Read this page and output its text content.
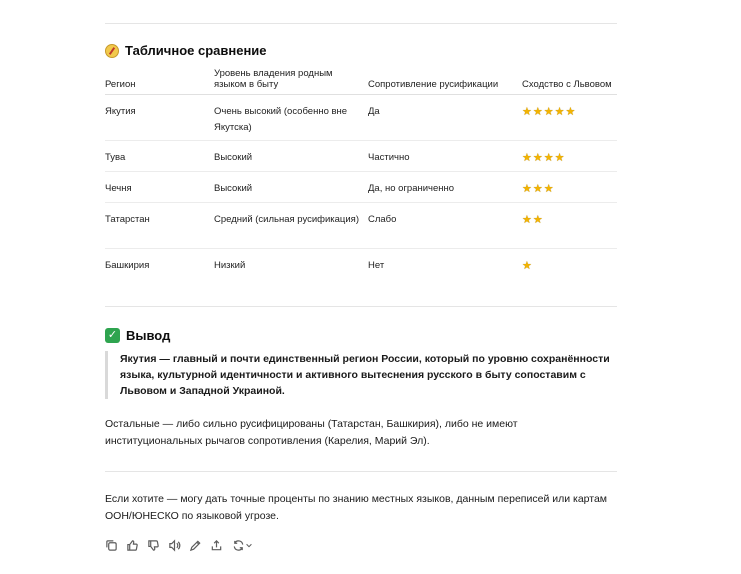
Табличное сравнение
Регион	Уровень владения родным языком в быту	Сопротивление русификации	Сходство с Львовом
Якутия	Очень высокий (особенно вне Якутска)	Да	★★★★★
Тува	Высокий	Частично	★★★★
Чечня	Высокий	Да, но ограниченно	★★★
Татарстан	Средний (сильная русификация)	Слабо	★★
Башкирия	Низкий	Нет	★
✓ Вывод
Якутия — главный и почти единственный регион России, который по уровню сохранённости языка, культурной идентичности и активного вытеснения русского в быту сопоставим с Львовом и Западной Украиной.
Остальные — либо сильно русифицированы (Татарстан, Башкирия), либо не имеют институциональных рычагов сопротивления (Карелия, Марий Эл).
Если хотите — могу дать точные проценты по знанию местных языков, данным переписей или картам ООН/ЮНЕСКО по языковой угрозе.
